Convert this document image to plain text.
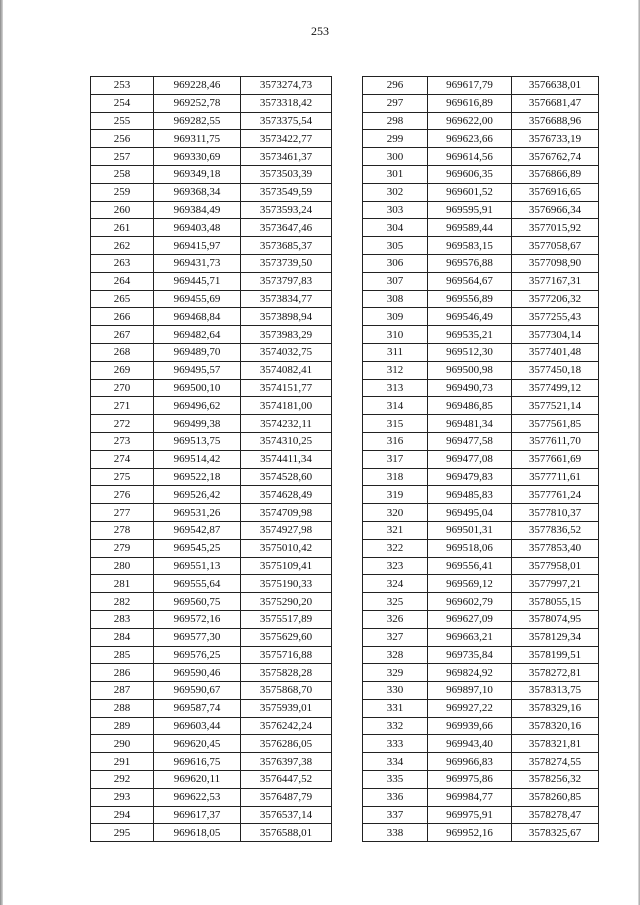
253
253	969228,46	3573274,73
254	969252,78	3573318,42
255	969282,55	3573375,54
256	969311,75	3573422,77
257	969330,69	3573461,37
258	969349,18	3573503,39
259	969368,34	3573549,59
260	969384,49	3573593,24
261	969403,48	3573647,46
262	969415,97	3573685,37
263	969431,73	3573739,50
264	969445,71	3573797,83
265	969455,69	3573834,77
266	969468,84	3573898,94
267	969482,64	3573983,29
268	969489,70	3574032,75
269	969495,57	3574082,41
270	969500,10	3574151,77
271	969496,62	3574181,00
272	969499,38	3574232,11
273	969513,75	3574310,25
274	969514,42	3574411,34
275	969522,18	3574528,60
276	969526,42	3574628,49
277	969531,26	3574709,98
278	969542,87	3574927,98
279	969545,25	3575010,42
280	969551,13	3575109,41
281	969555,64	3575190,33
282	969560,75	3575290,20
283	969572,16	3575517,89
284	969577,30	3575629,60
285	969576,25	3575716,88
286	969590,46	3575828,28
287	969590,67	3575868,70
288	969587,74	3575939,01
289	969603,44	3576242,24
290	969620,45	3576286,05
291	969616,75	3576397,38
292	969620,11	3576447,52
293	969622,53	3576487,79
294	969617,37	3576537,14
295	969618,05	3576588,01
296	969617,79	3576638,01
297	969616,89	3576681,47
298	969622,00	3576688,96
299	969623,66	3576733,19
300	969614,56	3576762,74
301	969606,35	3576866,89
302	969601,52	3576916,65
303	969595,91	3576966,34
304	969589,44	3577015,92
305	969583,15	3577058,67
306	969576,88	3577098,90
307	969564,67	3577167,31
308	969556,89	3577206,32
309	969546,49	3577255,43
310	969535,21	3577304,14
311	969512,30	3577401,48
312	969500,98	3577450,18
313	969490,73	3577499,12
314	969486,85	3577521,14
315	969481,34	3577561,85
316	969477,58	3577611,70
317	969477,08	3577661,69
318	969479,83	3577711,61
319	969485,83	3577761,24
320	969495,04	3577810,37
321	969501,31	3577836,52
322	969518,06	3577853,40
323	969556,41	3577958,01
324	969569,12	3577997,21
325	969602,79	3578055,15
326	969627,09	3578074,95
327	969663,21	3578129,34
328	969735,84	3578199,51
329	969824,92	3578272,81
330	969897,10	3578313,75
331	969927,22	3578329,16
332	969939,66	3578320,16
333	969943,40	3578321,81
334	969966,83	3578274,55
335	969975,86	3578256,32
336	969984,77	3578260,85
337	969975,91	3578278,47
338	969952,16	3578325,67
